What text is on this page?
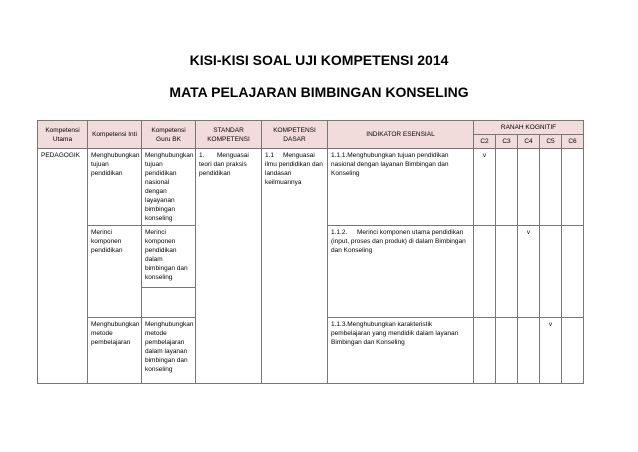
KISI-KISI SOAL UJI KOMPETENSI 2014
MATA PELAJARAN BIMBINGAN KONSELING
Kompetensi Utama	Kompetensi Inti	Kompetensi Guru BK	STANDAR KOMPETENSI	KOMPETENSI DASAR	INDIKATOR ESENSIAL	RANAH KOGNITIF				
						C2	C3	C4	C5	C6
PEDAGOGIK	Menghubungkan tujuan pendidikan	Menghubungkan tujuan pendidikan nasional dengan layayanan bimbingan konseling	1. Menguasai teori dan praksis pendidikan	1.1 Menguasai ilmu pendidikan dan landasan keilmuannya	1.1.1.Menghubungkan tujuan pendidikan nasional dengan layanan Bimbingan dan Konseling	v				
	Merinci komponen pendidikan	Merinci komponen pendidikan dalam bimbingan dan konseling			1.1.2. Merinci komponen utama pendidikan (input, proses dan produk) di dalam Bimbingan dan Konseling			v		

	Menghubungkan metode pembelajaran	Menghubungkan metode pembelajaran dalam layanan bimbingan dan konseling			1.1.3.Menghubungkan karakteristik pembelajaran yang mendidik dalam layanan Bimbingan dan Konseling				v	
